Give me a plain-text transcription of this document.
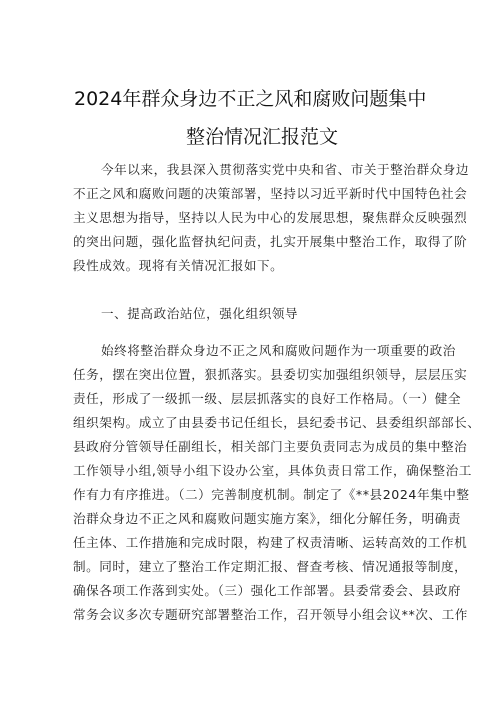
2024年群众身边不正之风和腐败问题集中
整治情况汇报范文
今年以来，我县深入贯彻落实党中央和省、市关于整治群众身边
不正之风和腐败问题的决策部署，坚持以习近平新时代中国特色社会
主义思想为指导，坚持以人民为中心的发展思想，聚焦群众反映强烈
的突出问题，强化监督执纪问责，扎实开展集中整治工作，取得了阶
段性成效。现将有关情况汇报如下。
一、提高政治站位，强化组织领导
始终将整治群众身边不正之风和腐败问题作为一项重要的政治
任务，摆在突出位置，狠抓落实。县委切实加强组织领导，层层压实
责任，形成了一级抓一级、层层抓落实的良好工作格局。（一）健全
组织架构。成立了由县委书记任组长，县纪委书记、县委组织部部长、
县政府分管领导任副组长，相关部门主要负责同志为成员的集中整治
工作领导小组,领导小组下设办公室，具体负责日常工作，确保整治工
作有力有序推进。（二）完善制度机制。制定了《**县2024年集中整
治群众身边不正之风和腐败问题实施方案》，细化分解任务，明确责
任主体、工作措施和完成时限，构建了权责清晰、运转高效的工作机
制。同时，建立了整治工作定期汇报、督查考核、情况通报等制度，
确保各项工作落到实处。（三）强化工作部署。县委常委会、县政府
常务会议多次专题研究部署整治工作，召开领导小组会议**次、工作
